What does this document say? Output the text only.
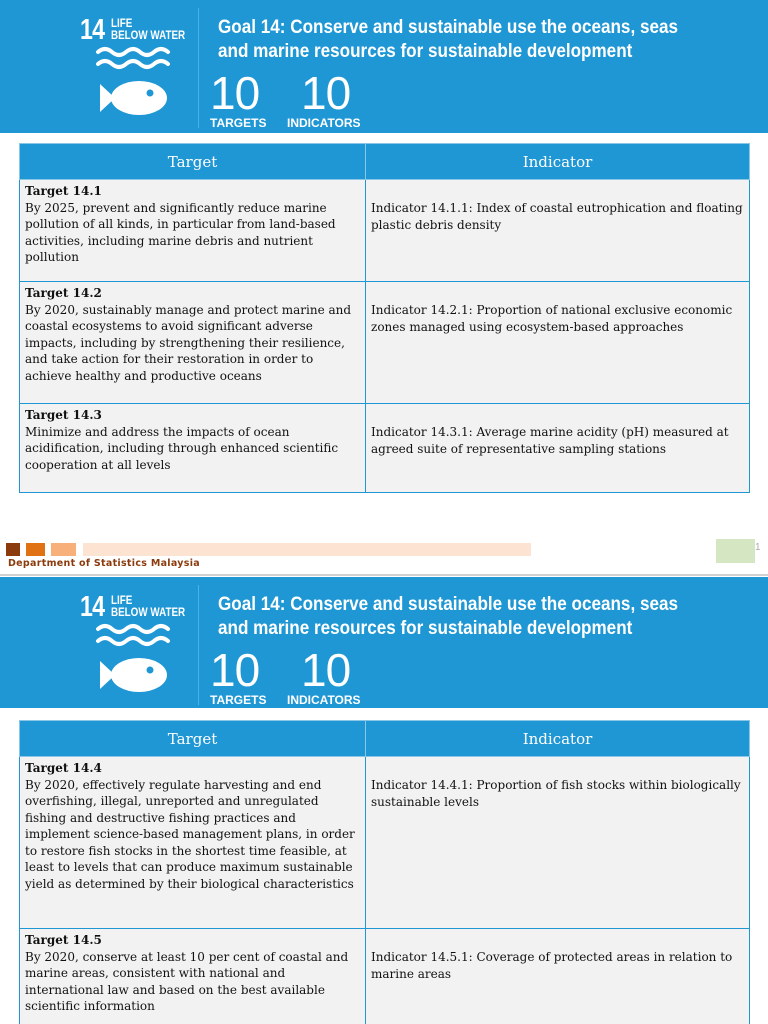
14 LIFE
BELOW WATER Goal 14: Conserve and sustainable use the oceans, seas and marine resources for sustainable development
10
TARGETS
10
INDICATORS
Target	Indicator

Target 14.1
By 2025, prevent and significantly reduce marine pollution of all kinds, in particular from land-based activities, including marine debris and nutrient pollution	Indicator 14.1.1: Index of coastal eutrophication and floating plastic debris density

Target 14.2
By 2020, sustainably manage and protect marine and coastal ecosystems to avoid significant adverse impacts, including by strengthening their resilience, and take action for their restoration in order to achieve healthy and productive oceans	Indicator 14.2.1: Proportion of national exclusive economic zones managed using ecosystem-based approaches

Target 14.3
Minimize and address the impacts of ocean acidification, including through enhanced scientific cooperation at all levels	Indicator 14.3.1: Average marine acidity (pH) measured at agreed suite of representative sampling stations
Department of Statistics Malaysia
1
14 LIFE
BELOW WATER Goal 14: Conserve and sustainable use the oceans, seas and marine resources for sustainable development
10
TARGETS
10
INDICATORS
Target	Indicator

Target 14.4
By 2020, effectively regulate harvesting and end overfishing, illegal, unreported and unregulated fishing and destructive fishing practices and implement science-based management plans, in order to restore fish stocks in the shortest time feasible, at least to levels that can produce maximum sustainable yield as determined by their biological characteristics	Indicator 14.4.1: Proportion of fish stocks within biologically sustainable levels

Target 14.5
By 2020, conserve at least 10 per cent of coastal and marine areas, consistent with national and international law and based on the best available scientific information	Indicator 14.5.1: Coverage of protected areas in relation to marine areas
